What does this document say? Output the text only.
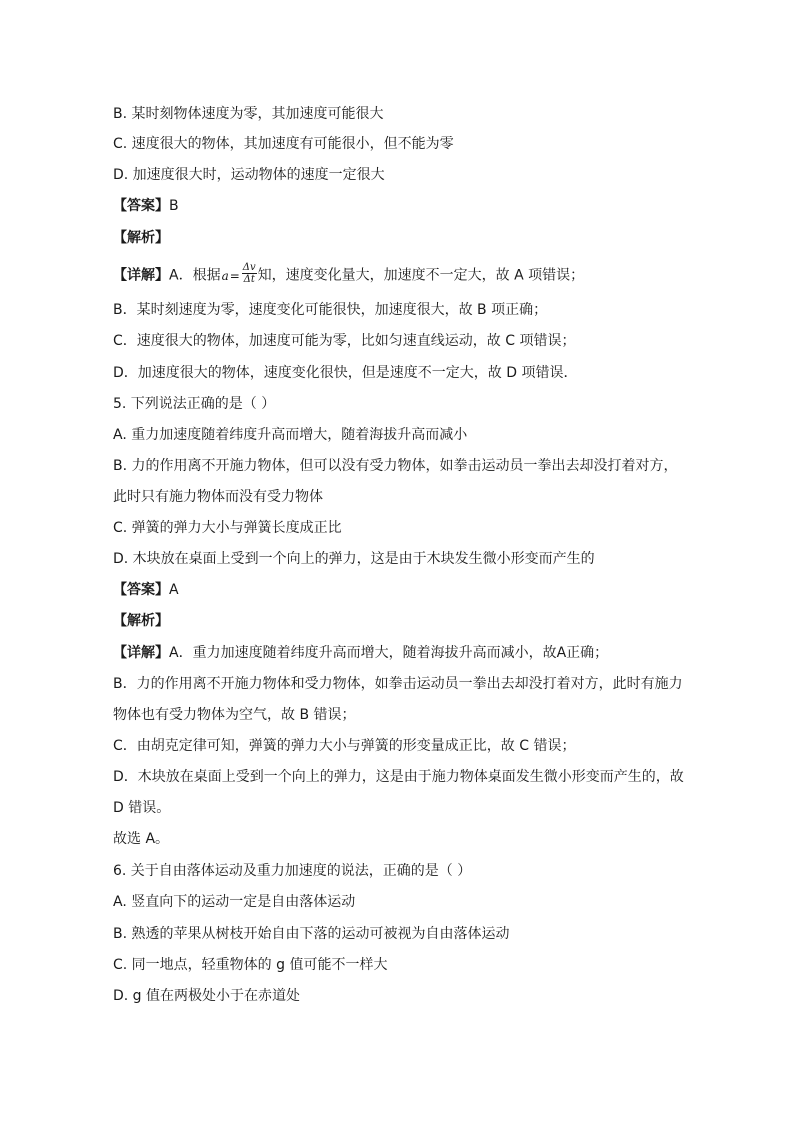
B. 某时刻物体速度为零，其加速度可能很大
C. 速度很大的物体，其加速度有可能很小，但不能为零
D. 加速度很大时，运动物体的速度一定很大
【答案】B
【解析】
【详解】A．根据$a= \frac{\Delta v}{\Delta t}$ 知，速度变化量大，加速度不一定大，故 A 项错误；
B．某时刻速度为零，速度变化可能很快，加速度很大，故 B 项正确；
C．速度很大的物体，加速度可能为零，比如匀速直线运动，故 C 项错误；
D．加速度很大的物体，速度变化很快，但是速度不一定大，故 D 项错误．
5. 下列说法正确的是（ ）
A. 重力加速度随着纬度升高而增大，随着海拔升高而减小
B. 力的作用离不开施力物体，但可以没有受力物体，如拳击运动员一拳出去却没打着对方，
此时只有施力物体而没有受力物体
C. 弹簧的弹力大小与弹簧长度成正比
D. 木块放在桌面上受到一个向上的弹力，这是由于木块发生微小形变而产生的
【答案】A
【解析】
【详解】A．重力加速度随着纬度升高而增大，随着海拔升高而减小，故A正确；
B．力的作用离不开施力物体和受力物体，如拳击运动员一拳出去却没打着对方，此时有施力
物体也有受力物体为空气，故 B 错误；
C．由胡克定律可知，弹簧的弹力大小与弹簧的形变量成正比，故 C 错误；
D．木块放在桌面上受到一个向上的弹力，这是由于施力物体桌面发生微小形变而产生的，故
D 错误。
故选 A。
6. 关于自由落体运动及重力加速度的说法，正确的是（ ）
A. 竖直向下的运动一定是自由落体运动
B. 熟透的苹果从树枝开始自由下落的运动可被视为自由落体运动
C. 同一地点，轻重物体的 g 值可能不一样大
D. g 值在两极处小于在赤道处
